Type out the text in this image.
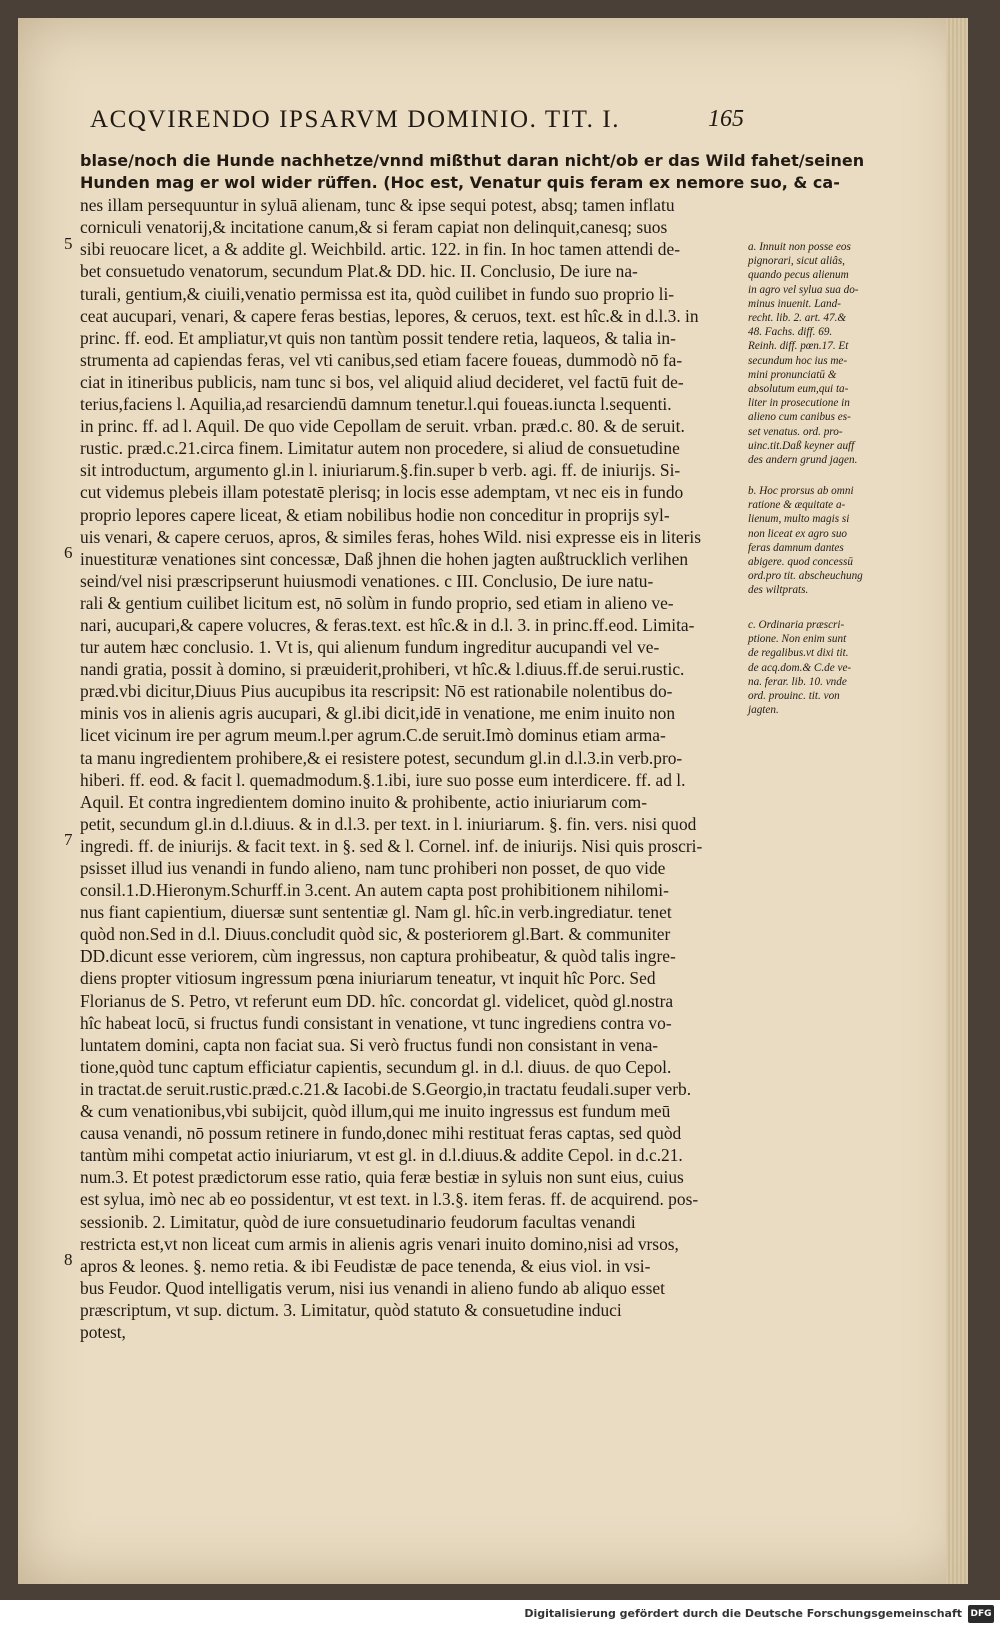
ACQVIRENDO IPSARVM DOMINIO. TIT. I.	165
5
6
7
8
blase/noch die Hunde nachhetze/vnnd mißthut daran nicht/ob er das Wild fahet/seinen
Hunden mag er wol wider rüffen. (Hoc est, Venatur quis feram ex nemore suo, & ca-
nes illam persequuntur in syluā alienam, tunc & ipse sequi potest, absq; tamen inflatu
corniculi venatorij,& incitatione canum,& si feram capiat non delinquit,canesq; suos
sibi reuocare licet, a & addite gl. Weichbild. artic. 122. in fin. In hoc tamen attendi de-
bet consuetudo venatorum, secundum Plat.& DD. hic. II. Conclusio, De iure na-
turali, gentium,& ciuili,venatio permissa est ita, quòd cuilibet in fundo suo proprio li-
ceat aucupari, venari, & capere feras bestias, lepores, & ceruos, text. est hîc.& in d.l.3. in
princ. ff. eod. Et ampliatur,vt quis non tantùm possit tendere retia, laqueos, & talia in-
strumenta ad capiendas feras, vel vti canibus,sed etiam facere foueas, dummodò nō fa-
ciat in itineribus publicis, nam tunc si bos, vel aliquid aliud decideret, vel factū fuit de-
terius,faciens l. Aquilia,ad resarciendū damnum tenetur.l.qui foueas.iuncta l.sequenti.
in princ. ff. ad l. Aquil. De quo vide Cepollam de seruit. vrban. præd.c. 80. & de seruit.
rustic. præd.c.21.circa finem. Limitatur autem non procedere, si aliud de consuetudine
sit introductum, argumento gl.in l. iniuriarum.§.fin.super b verb. agi. ff. de iniurijs. Si-
cut videmus plebeis illam potestatē plerisq; in locis esse ademptam, vt nec eis in fundo
proprio lepores capere liceat, & etiam nobilibus hodie non conceditur in proprijs syl-
uis venari, & capere ceruos, apros, & similes feras, hohes Wild. nisi expresse eis in literis
inuestituræ venationes sint concessæ, Daß jhnen die hohen jagten außtrucklich verlihen
seind/vel nisi præscripserunt huiusmodi venationes. c III. Conclusio, De iure natu-
rali & gentium cuilibet licitum est, nō solùm in fundo proprio, sed etiam in alieno ve-
nari, aucupari,& capere volucres, & feras.text. est hîc.& in d.l. 3. in princ.ff.eod. Limita-
tur autem hæc conclusio. 1. Vt is, qui alienum fundum ingreditur aucupandi vel ve-
nandi gratia, possit à domino, si præuiderit,prohiberi, vt hîc.& l.diuus.ff.de serui.rustic.
præd.vbi dicitur,Diuus Pius aucupibus ita rescripsit: Nō est rationabile nolentibus do-
minis vos in alienis agris aucupari, & gl.ibi dicit,idē in venatione, me enim inuito non
licet vicinum ire per agrum meum.l.per agrum.C.de seruit.Imò dominus etiam arma-
ta manu ingredientem prohibere,& ei resistere potest, secundum gl.in d.l.3.in verb.pro-
hiberi. ff. eod. & facit l. quemadmodum.§.1.ibi, iure suo posse eum interdicere. ff. ad l.
Aquil. Et contra ingredientem domino inuito & prohibente, actio iniuriarum com-
petit, secundum gl.in d.l.diuus. & in d.l.3. per text. in l. iniuriarum. §. fin. vers. nisi quod
ingredi. ff. de iniurijs. & facit text. in §. sed & l. Cornel. inf. de iniurijs. Nisi quis proscri-
psisset illud ius venandi in fundo alieno, nam tunc prohiberi non posset, de quo vide
consil.1.D.Hieronym.Schurff.in 3.cent. An autem capta post prohibitionem nihilomi-
nus fiant capientium, diuersæ sunt sententiæ gl. Nam gl. hîc.in verb.ingrediatur. tenet
quòd non.Sed in d.l. Diuus.concludit quòd sic, & posteriorem gl.Bart. & communiter
DD.dicunt esse veriorem, cùm ingressus, non captura prohibeatur, & quòd talis ingre-
diens propter vitiosum ingressum pœna iniuriarum teneatur, vt inquit hîc Porc. Sed
Florianus de S. Petro, vt referunt eum DD. hîc. concordat gl. videlicet, quòd gl.nostra
hîc habeat locū, si fructus fundi consistant in venatione, vt tunc ingrediens contra vo-
luntatem domini, capta non faciat sua. Si verò fructus fundi non consistant in vena-
tione,quòd tunc captum efficiatur capientis, secundum gl. in d.l. diuus. de quo Cepol.
in tractat.de seruit.rustic.præd.c.21.& Iacobi.de S.Georgio,in tractatu feudali.super verb.
& cum venationibus,vbi subijcit, quòd illum,qui me inuito ingressus est fundum meū
causa venandi, nō possum retinere in fundo,donec mihi restituat feras captas, sed quòd
tantùm mihi competat actio iniuriarum, vt est gl. in d.l.diuus.& addite Cepol. in d.c.21.
num.3. Et potest prædictorum esse ratio, quia feræ bestiæ in syluis non sunt eius, cuius
est sylua, imò nec ab eo possidentur, vt est text. in l.3.§. item feras. ff. de acquirend. pos-
sessionib. 2. Limitatur, quòd de iure consuetudinario feudorum facultas venandi
restricta est,vt non liceat cum armis in alienis agris venari inuito domino,nisi ad vrsos,
apros & leones. §. nemo retia. & ibi Feudistæ de pace tenenda, & eius viol. in vsi-
bus Feudor. Quod intelligatis verum, nisi ius venandi in alieno fundo ab aliquo esset
præscriptum, vt sup. dictum. 3. Limitatur, quòd statuto & consuetudine induci
potest,
a. Innuit non posse eos
pignorari, sicut aliâs,
quando pecus alienum
in agro vel sylua sua do-
minus inuenit. Land-
recht. lib. 2. art. 47.&
48. Fachs. diff. 69.
Reinh. diff. pœn.17. Et
secundum hoc ius me-
mini pronunciatū &
absolutum eum,qui ta-
liter in prosecutione in
alieno cum canibus es-
set venatus. ord. pro-
uinc.tit.Daß keyner auff
des andern grund jagen.
b. Hoc prorsus ab omni
ratione & æquitate a-
lienum, multo magis si
non liceat ex agro suo
feras damnum dantes
abigere. quod concessū
ord.pro tit. abscheuchung
des wiltprats.
c. Ordinaria præscri-
ptione. Non enim sunt
de regalibus.vt dixi tit.
de acq.dom.& C.de ve-
na. ferar. lib. 10. vnde
ord. prouinc. tit. von
jagten.
Digitalisierung gefördert durch die Deutsche Forschungsgemeinschaft DFG
